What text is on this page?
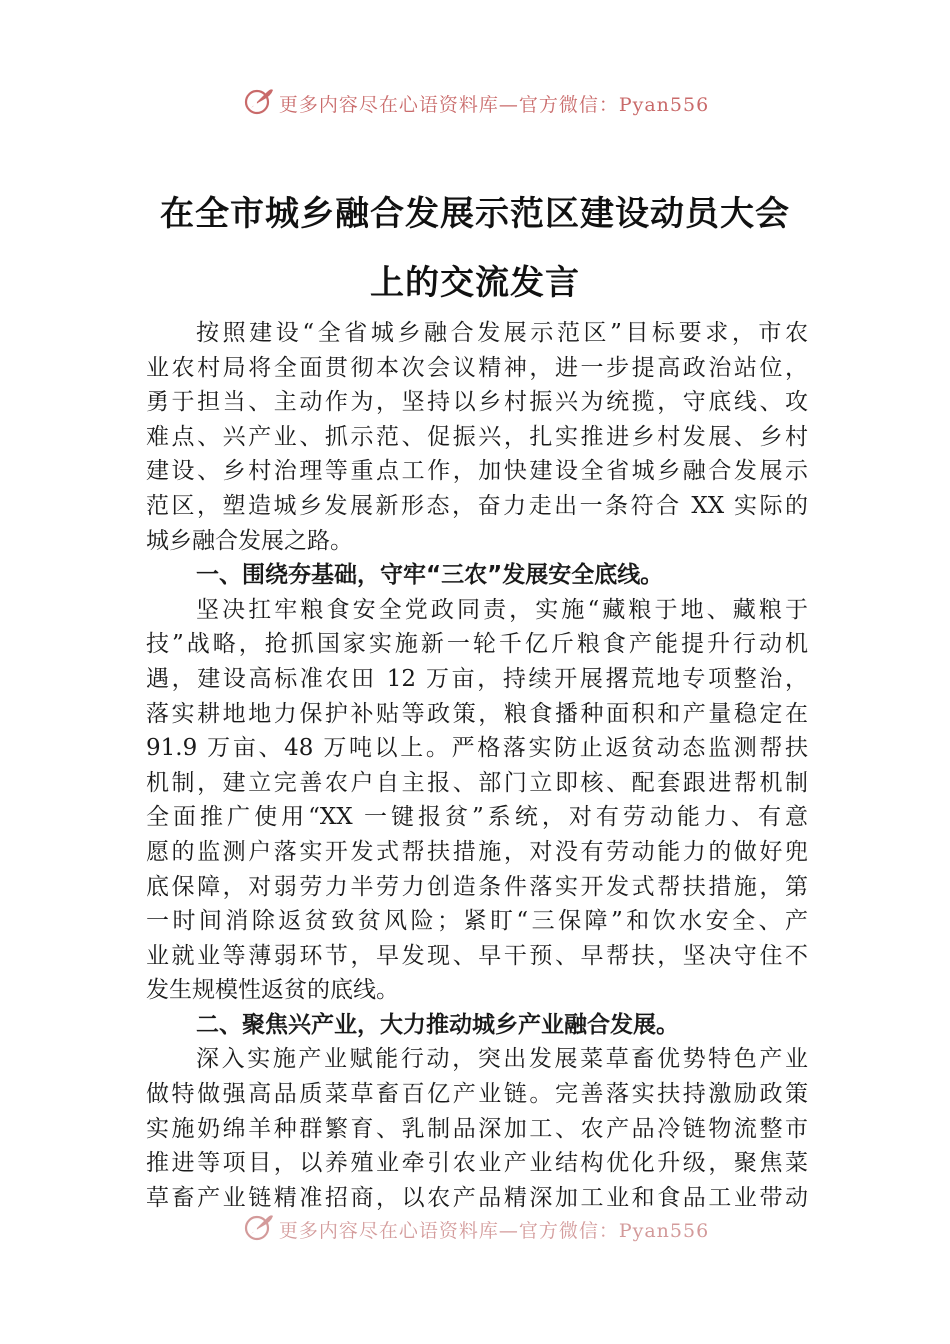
更多内容尽在心语资料库—官方微信：Pyan556
在全市城乡融合发展示范区建设动员大会
上的交流发言
按照建设“全省城乡融合发展示范区”目标要求，市农
业农村局将全面贯彻本次会议精神，进一步提高政治站位，
勇于担当、主动作为，坚持以乡村振兴为统揽，守底线、攻
难点、兴产业、抓示范、促振兴，扎实推进乡村发展、乡村
建设、乡村治理等重点工作，加快建设全省城乡融合发展示
范区，塑造城乡发展新形态，奋力走出一条符合 XX 实际的
城乡融合发展之路。
一、围绕夯基础，守牢“三农”发展安全底线。
坚决扛牢粮食安全党政同责，实施“藏粮于地、藏粮于
技”战略，抢抓国家实施新一轮千亿斤粮食产能提升行动机
遇，建设高标准农田 12 万亩，持续开展撂荒地专项整治，
落实耕地地力保护补贴等政策，粮食播种面积和产量稳定在
91.9 万亩、48 万吨以上。严格落实防止返贫动态监测帮扶
机制，建立完善农户自主报、部门立即核、配套跟进帮机制
全面推广使用“XX 一键报贫”系统，对有劳动能力、有意
愿的监测户落实开发式帮扶措施，对没有劳动能力的做好兜
底保障，对弱劳力半劳力创造条件落实开发式帮扶措施，第
一时间消除返贫致贫风险；紧盯“三保障”和饮水安全、产
业就业等薄弱环节，早发现、早干预、早帮扶，坚决守住不
发生规模性返贫的底线。
二、聚焦兴产业，大力推动城乡产业融合发展。
深入实施产业赋能行动，突出发展菜草畜优势特色产业
做特做强高品质菜草畜百亿产业链。完善落实扶持激励政策
实施奶绵羊种群繁育、乳制品深加工、农产品冷链物流整市
推进等项目，以养殖业牵引农业产业结构优化升级，聚焦菜
草畜产业链精准招商，以农产品精深加工业和食品工业带动
更多内容尽在心语资料库—官方微信：Pyan556
